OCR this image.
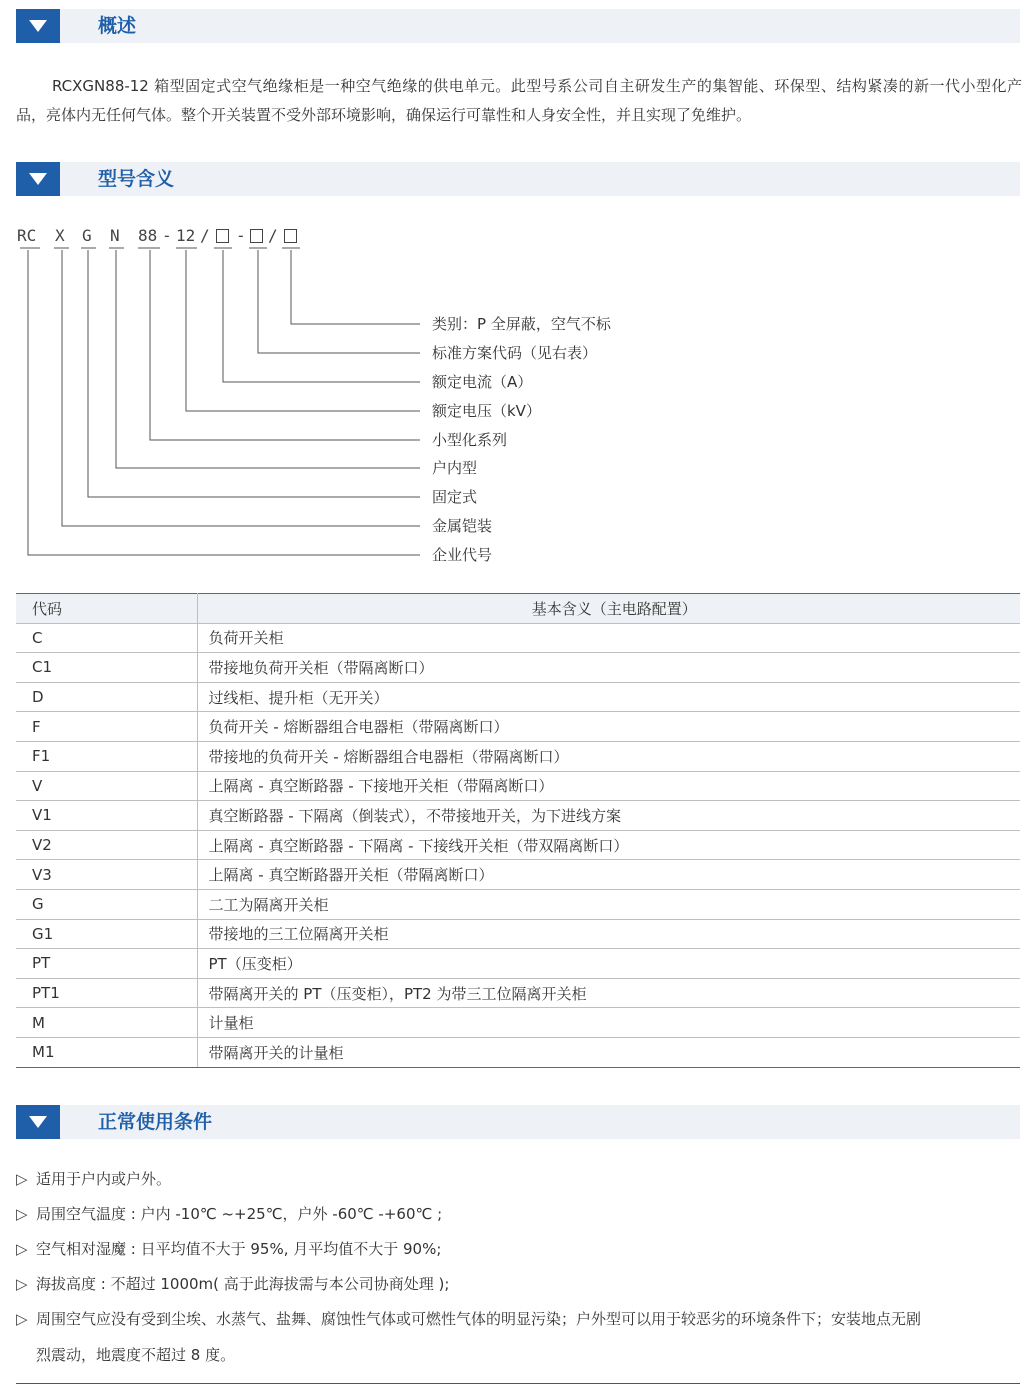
概述

RCXGN88-12 箱型固定式空气绝缘柜是一种空气绝缘的供电单元。此型号系公司自主研发生产的集智能、环保型、结构紧凑的新一代小型化产品，亮体内无任何气体。整个开关装置不受外部环境影响，确保运行可靠性和人身安全性，并且实现了免维护。

型号含义
RC X G N 88 - 12 / - /
类别：P 全屏蔽，空气不标
标准方案代码（见右表）
额定电流（A）
额定电压（kV）
小型化系列
户内型
固定式
金属铠装
企业代号
代码	基本含义（主电路配置）
C	负荷开关柜
C1	带接地负荷开关柜（带隔离断口）
D	过线柜、提升柜（无开关）
F	负荷开关 - 熔断器组合电器柜（带隔离断口）
F1	带接地的负荷开关 - 熔断器组合电器柜（带隔离断口）
V	上隔离 - 真空断路器 - 下接地开关柜（带隔离断口）
V1	真空断路器 - 下隔离（倒装式），不带接地开关，为下进线方案
V2	上隔离 - 真空断路器 - 下隔离 - 下接线开关柜（带双隔离断口）
V3	上隔离 - 真空断路器开关柜（带隔离断口）
G	二工为隔离开关柜
G1	带接地的三工位隔离开关柜
PT	PT（压变柜）
PT1	带隔离开关的 PT（压变柜），PT2 为带三工位隔离开关柜
M	计量柜
M1	带隔离开关的计量柜
正常使用条件
▷ 适用于户内或户外。
▷ 局围空气温度 : 户内 -10℃ ~+25℃，户外 -60℃ -+60℃ ;
▷ 空气相对湿魔 : 日平均值不大于 95%, 月平均值不大于 90%;
▷ 海拔高度 : 不超过 1000m( 高于此海拔需与本公司协商处理 );
▷ 周围空气应没有受到尘埃、水蒸气、盐舞、腐蚀性气体或可燃性气体的明显污染；户外型可以用于较恶劣的环境条件下；安装地点无剧
烈震动，地震度不超过 8 度。
